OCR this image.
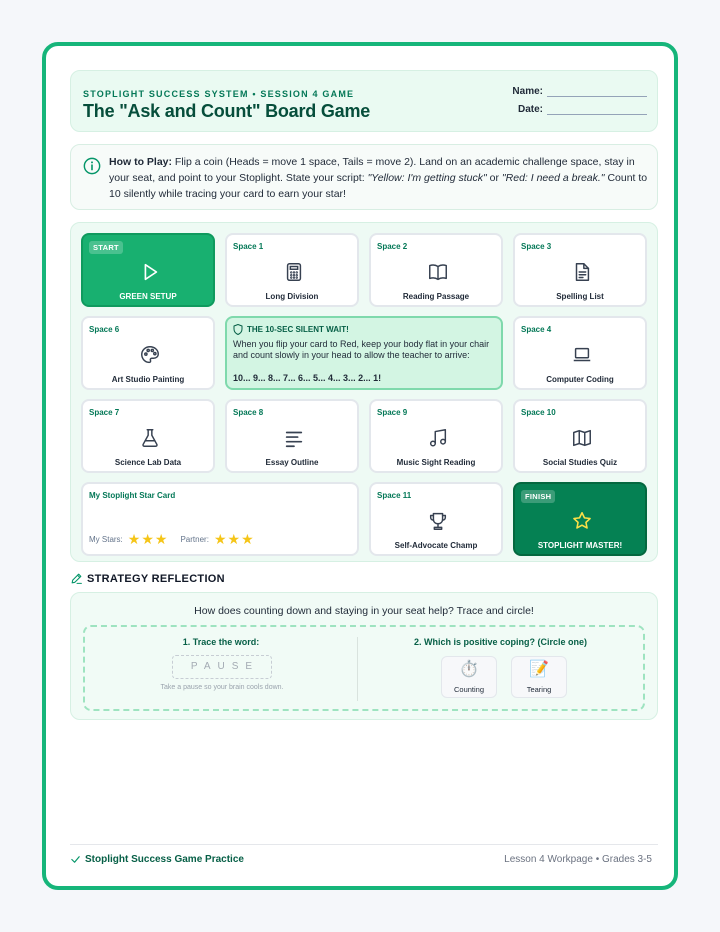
STOPLIGHT SUCCESS SYSTEM • SESSION 4 GAME
The "Ask and Count" Board Game
Name:
Date:
How to Play: Flip a coin (Heads = move 1 space, Tails = move 2). Land on an academic challenge space, stay in your seat, and point to your Stoplight. State your script: "Yellow: I'm getting stuck" or "Red: I need a break." Count to 10 silently while tracing your card to earn your star!
START
GREEN SETUP
Space 1
Long Division
Space 2
Reading Passage
Space 3
Spelling List
Space 6
Art Studio Painting
THE 10-SEC SILENT WAIT!
When you flip your card to Red, keep your body flat in your chair and count slowly in your head to allow the teacher to arrive:
10... 9... 8... 7... 6... 5... 4... 3... 2... 1!
Space 4
Computer Coding
Space 7
Science Lab Data
Space 8
Essay Outline
Space 9
Music Sight Reading
Space 10
Social Studies Quiz
My Stoplight Star Card
My Stars: ★ ★ ★ Partner: ★ ★ ★
Space 11
Self-Advocate Champ
FINISH
STOPLIGHT MASTER!
STRATEGY REFLECTION
How does counting down and staying in your seat help? Trace and circle!
1. Trace the word:
PAUSE
Take a pause so your brain cools down.
2. Which is positive coping? (Circle one)
⏱️
Counting
📝
Tearing
Stoplight Success Game Practice	Lesson 4 Workpage • Grades 3-5
